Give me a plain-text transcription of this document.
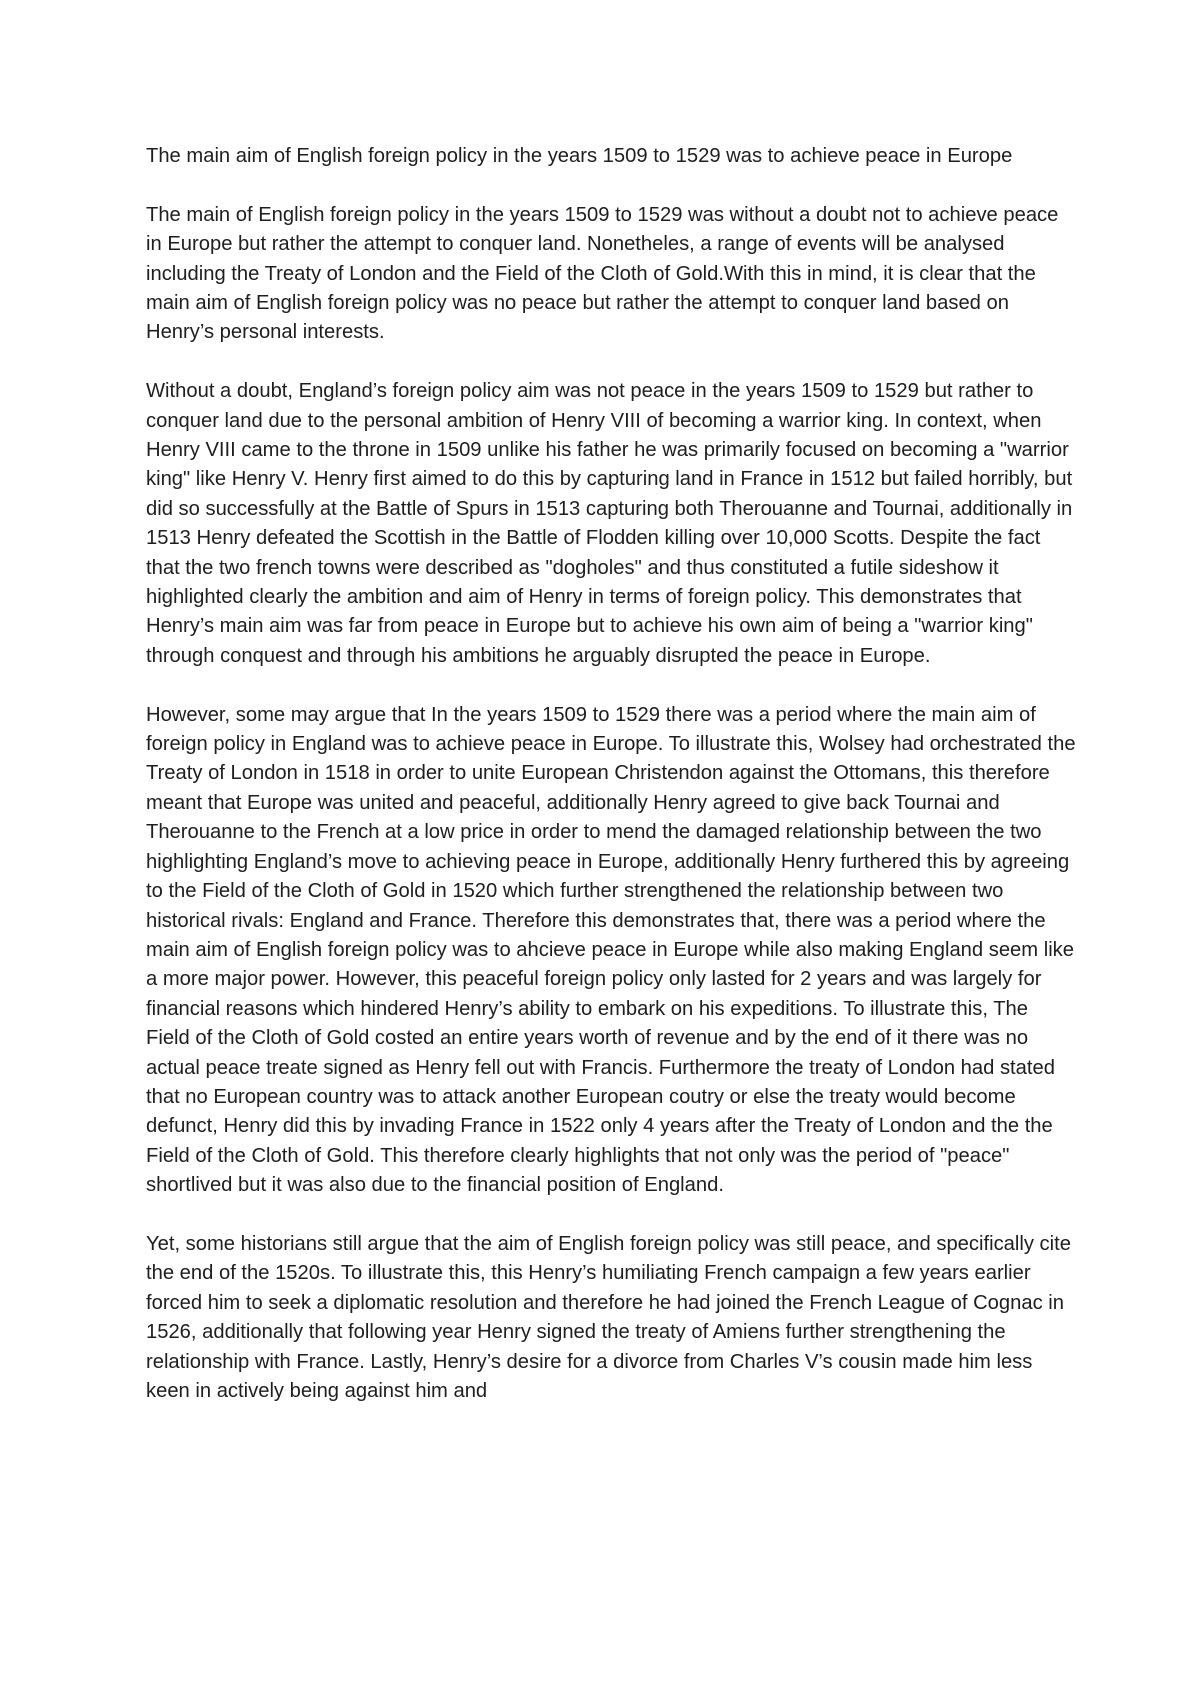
The main aim of English foreign policy in the years 1509 to 1529 was to achieve peace in Europe

The main of English foreign policy in the years 1509 to 1529 was without a doubt not to achieve peace in Europe but rather the attempt to conquer land. Nonetheles, a range of events will be analysed including the Treaty of London and the Field of the Cloth of Gold.With this in mind, it is clear that the main aim of English foreign policy was no peace but rather the attempt to conquer land based on Henry’s personal interests.

Without a doubt, England’s foreign policy aim was not peace in the years 1509 to 1529 but rather to conquer land due to the personal ambition of Henry VIII of becoming a warrior king. In context, when Henry VIII came to the throne in 1509 unlike his father he was primarily focused on becoming a "warrior king" like Henry V. Henry first aimed to do this by capturing land in France in 1512 but failed horribly, but did so successfully at the Battle of Spurs in 1513 capturing both Therouanne and Tournai, additionally in 1513 Henry defeated the Scottish in the Battle of Flodden killing over 10,000 Scotts. Despite the fact that the two french towns were described as "dogholes" and thus constituted a futile sideshow it highlighted clearly the ambition and aim of Henry in terms of foreign policy. This demonstrates that Henry’s main aim was far from peace in Europe but to achieve his own aim of being a "warrior king" through conquest and through his ambitions he arguably disrupted the peace in Europe.

However, some may argue that In the years 1509 to 1529 there was a period where the main aim of foreign policy in England was to achieve peace in Europe. To illustrate this, Wolsey had orchestrated the Treaty of London in 1518 in order to unite European Christendon against the Ottomans, this therefore meant that Europe was united and peaceful, additionally Henry agreed to give back Tournai and Therouanne to the French at a low price in order to mend the damaged relationship between the two highlighting England’s move to achieving peace in Europe, additionally Henry furthered this by agreeing to the Field of the Cloth of Gold in 1520 which further strengthened the relationship between two historical rivals: England and France. Therefore this demonstrates that, there was a period where the main aim of English foreign policy was to ahcieve peace in Europe while also making England seem like a more major power. However, this peaceful foreign policy only lasted for 2 years and was largely for financial reasons which hindered Henry’s ability to embark on his expeditions. To illustrate this, The Field of the Cloth of Gold costed an entire years worth of revenue and by the end of it there was no actual peace treate signed as Henry fell out with Francis. Furthermore the treaty of London had stated that no European country was to attack another European coutry or else the treaty would become defunct, Henry did this by invading France in 1522 only 4 years after the Treaty of London and the the Field of the Cloth of Gold. This therefore clearly highlights that not only was the period of "peace" shortlived but it was also due to the financial position of England.

Yet, some historians still argue that the aim of English foreign policy was still peace, and specifically cite the end of the 1520s. To illustrate this, this Henry’s humiliating French campaign a few years earlier forced him to seek a diplomatic resolution and therefore he had joined the French League of Cognac in 1526, additionally that following year Henry signed the treaty of Amiens further strengthening the relationship with France. Lastly, Henry’s desire for a divorce from Charles V’s cousin made him less keen in actively being against him and
